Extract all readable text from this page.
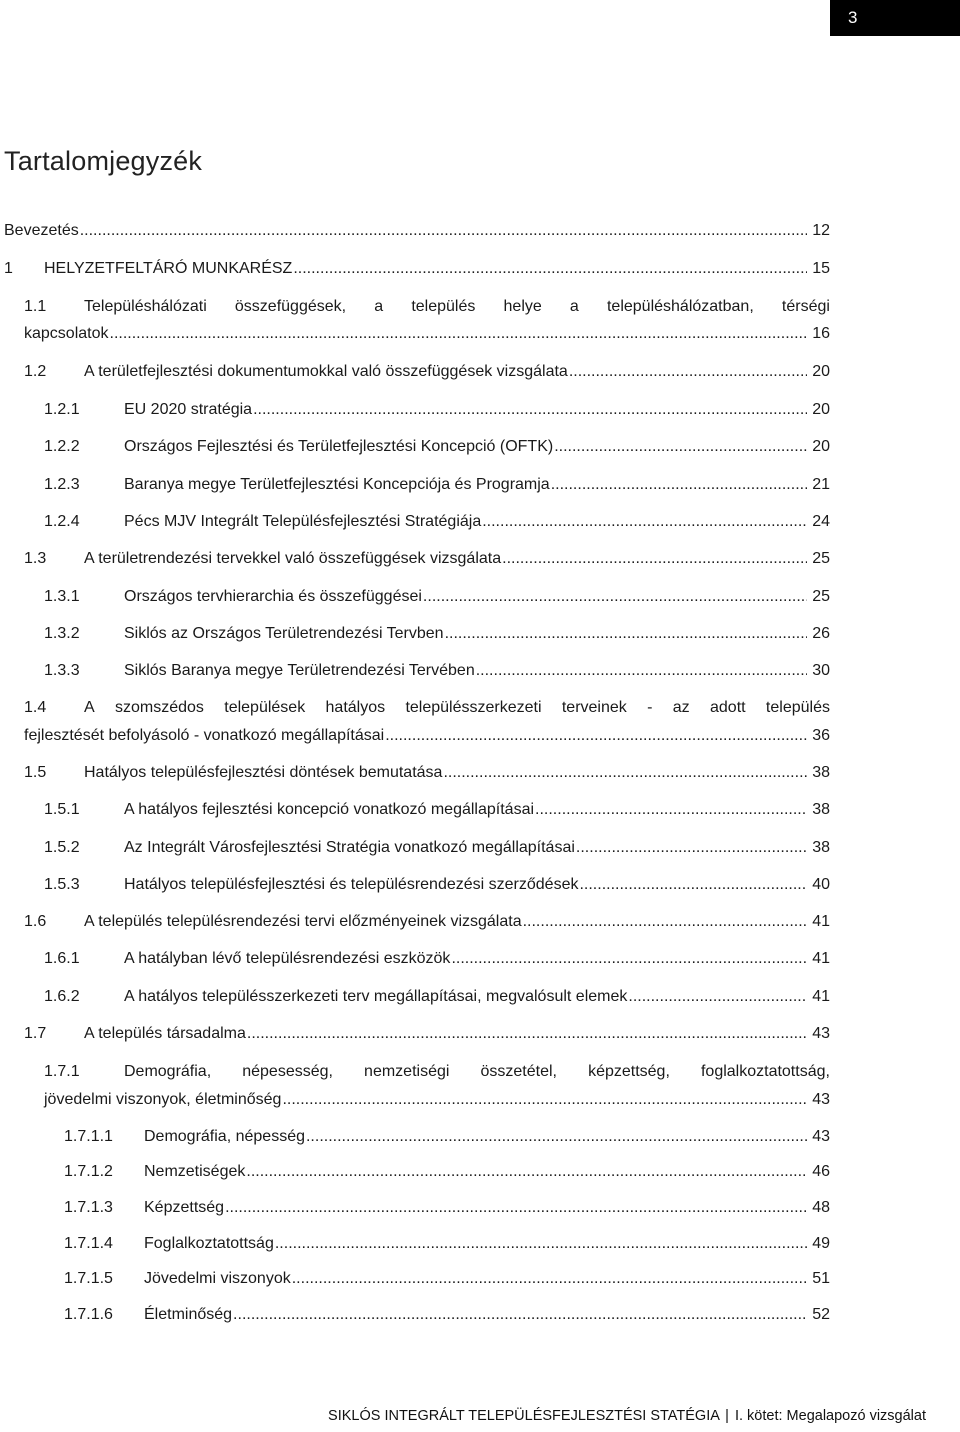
3
Tartalomjegyzék
Bevezetés .....	12
1 HELYZETFELTÁRÓ MUNKARÉSZ .....	15
1.1 Településhálózati összefüggések, a település helye a településhálózatban, térségi
kapcsolatok .....	16
1.2 A területfejlesztési dokumentumokkal való összefüggések vizsgálata .....	20
1.2.1	EU 2020 stratégia .....	20
1.2.2	Országos Fejlesztési és Területfejlesztési Koncepció (OFTK) .....	20
1.2.3	Baranya megye Területfejlesztési Koncepciója és Programja .....	21
1.2.4	Pécs MJV Integrált Településfejlesztési Stratégiája .....	24
1.3 A területrendezési tervekkel való összefüggések vizsgálata .....	25
1.3.1	Országos tervhierarchia és összefüggései .....	25
1.3.2	Siklós az Országos Területrendezési Tervben .....	26
1.3.3	Siklós Baranya megye Területrendezési Tervében .....	30
1.4 A szomszédos települések hatályos településszerkezeti terveinek - az adott település
fejlesztését befolyásoló - vonatkozó megállapításai .....	36
1.5 Hatályos településfejlesztési döntések bemutatása .....	38
1.5.1	A hatályos fejlesztési koncepció vonatkozó megállapításai .....	38
1.5.2	Az Integrált Városfejlesztési Stratégia vonatkozó megállapításai .....	38
1.5.3	Hatályos településfejlesztési és településrendezési szerződések .....	40
1.6 A település településrendezési tervi előzményeinek vizsgálata .....	41
1.6.1	A hatályban lévő településrendezési eszközök .....	41
1.6.2	A hatályos településszerkezeti terv megállapításai, megvalósult elemek .....	41
1.7 A település társadalma .....	43
1.7.1	Demográfia, népesesség, nemzetiségi összetétel, képzettség, foglalkoztatottság,
jövedelmi viszonyok, életminőség .....	43
1.7.1.1 Demográfia, népesség .....	43
1.7.1.2 Nemzetiségek .....	46
1.7.1.3 Képzettség .....	48
1.7.1.4 Foglalkoztatottság .....	49
1.7.1.5 Jövedelmi viszonyok .....	51
1.7.1.6 Életminőség .....	52
SIKLÓS INTEGRÁLT TELEPÜLÉSFEJLESZTÉSI STATÉGIA | I. kötet: Megalapozó vizsgálat
